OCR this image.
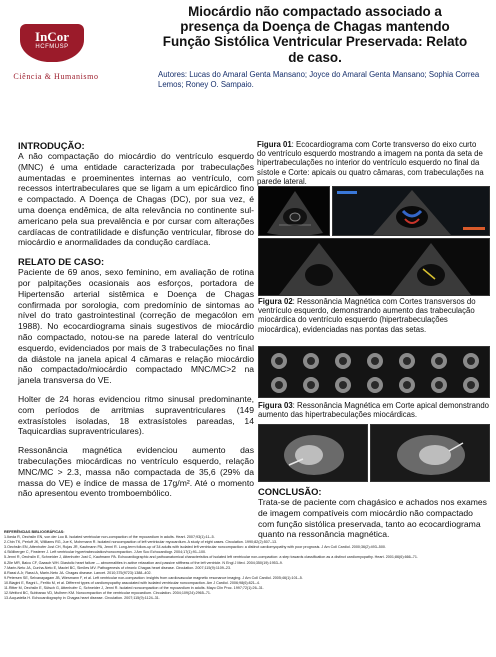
InCor
HCFMUSP
Ciência & Humanismo
Miocárdio não compactado associado a
presença da Doença de Chagas mantendo
Função Sistólica Ventricular Preservada: Relato
de caso.
Autores: Lucas do Amaral Genta Mansano; Joyce do Amaral Genta Mansano; Sophia Correa Lemos; Roney O. Sampaio.
INTRODUÇÃO:
A não compactação do miocárdio do ventrículo esquerdo (MNC) é uma entidade caracterizada por trabeculações aumentadas e proeminentes internas ao ventrículo, com recessos intertrabeculares que se ligam a um epicárdico fino e compactado. A Doença de Chagas (DC), por sua vez, é uma doença endêmica, de alta relevância no continente sul-americano pela sua prevalência e por cursar com alterações cardíacas de contratilidade e disfunção ventricular, fibrose do miocárdio e anormalidades da condução cardíaca.
RELATO DE CASO:
Paciente de 69 anos, sexo feminino, em avaliação de rotina por palpitações ocasionais aos esforços, portadora de Hipertensão arterial sistêmica e Doença de Chagas confirmada por sorologia, com predomínio de sintomas ao nível do trato gastrointestinal (correção de megacólon em 1988). No ecocardiograma sinais sugestivos de miocárdio não compactado, notou-se na parede lateral do ventrículo esquerdo, evidenciados por mais de 3 trabeculações no final da diástole na janela apical 4 câmaras e relação miocárdio não compactado/miocárdio compactado MNC/MC>2 na janela transversa do VE.
Holter de 24 horas evidenciou ritmo sinusal predominante, com períodos de arritmias supraventriculares (149 extrasístoles isoladas, 18 extrasístoles pareadas, 14 Taquicardias supraventriculares).
Ressonância magnética evidenciou aumento das trabeculações miocárdicas no ventrículo esquerdo, relação MNC/MC > 2.3, massa não compactada de 35,6 (29% da massa do VE) e índice de massa de 17g/m². Até o momento não apresentou evento tromboembólico.
Figura 01: Ecocardiograma com Corte transverso do eixo curto do ventrículo esquerdo mostrando a imagem na ponta da seta de hipertrabeculações no interior do ventrículo esquerdo no final da sístole e Corte: apicais ou quatro câmaras, com trabeculações na parede lateral.
Figura 02: Ressonância Magnética com Cortes transversos do ventrículo esquerdo, demonstrando aumento das trabeculação miocárdica do ventrículo esquerdo (hipertrabeculações miocárdica), evidenciadas nas pontas das setas.
Figura 03: Ressonância Magnética em Corte apical demonstrando aumento das hipertrabeculações miocárdicas.
CONCLUSÃO:
Trata-se de paciente com chagásico e achados nos exames de imagem compatíveis com miocárdio não compactado com função sistólica preservada, tanto ao ecocardiograma quanto na ressonância magnética.
REFERÊNCIAS BIBLIOGRÁFICAS:
1.Ikeda R, Oechslin EN, von der Loo B. Isolated ventricular non-compaction of the myocardium in adults. Heart. 2007;93(1):11–5.
2.Chin TK, Perloff JK, Williams RG, Jue K, Mohrmann R. Isolated noncompaction of left ventricular myocardium. A study of eight cases. Circulation. 1990;82(2):507–13.
3.Oechslin EN, Attenhofer Jost CH, Rojas JR, Kaufmann PA, Jenni R. Long-term follow-up of 34 adults with isolated left ventricular noncompaction: a distinct cardiomyopathy with poor prognosis. J Am Coll Cardiol. 2000;36(2):493–500.
4.Stöllberger C, Finsterer J. Left ventricular hypertrabeculation/noncompaction. J Am Soc Echocardiogr. 2004;17(1):91–100.
5.Jenni R, Oechslin E, Schneider J, Attenhofer Jost C, Kaufmann PA. Echocardiographic and pathoanatomical characteristics of isolated left ventricular non-compaction: a step towards classification as a distinct cardiomyopathy. Heart. 2001;86(6):666–71.
6.Zile MR, Baicu CF, Gaasch WH. Diastolic heart failure — abnormalities in active relaxation and passive stiffness of the left ventricle. N Engl J Med. 2004;350(19):1953–9.
7.Marin-Neto JA, Cunha-Neto E, Maciel BC, Simões MV. Pathogenesis of chronic Chagas heart disease. Circulation. 2007;115(9):1109–23.
8.Rassi A Jr, Rassi A, Marin-Neto JA. Chagas disease. Lancet. 2010;375(9723):1388–402.
9.Petersen SE, Selvanayagam JB, Wiesmann F, et al. Left ventricular non-compaction: insights from cardiovascular magnetic resonance imaging. J Am Coll Cardiol. 2005;46(1):101–5.
10.Biagini E, Ragni L, Ferlito M, et al. Different types of cardiomyopathy associated with isolated ventricular noncompaction. Am J Cardiol. 2006;98(6):821–4.
11.Ritter M, Oechslin E, Sütsch G, Attenhofer C, Schneider J, Jenni R. Isolated noncompaction of the myocardium in adults. Mayo Clin Proc. 1997;72(1):26–31.
12.Weiford BC, Subbarao VD, Mulhern KM. Noncompaction of the ventricular myocardium. Circulation. 2004;109(24):2965–71.
13.Acquatella H. Echocardiography in Chagas heart disease. Circulation. 2007;115(9):1124–31.
